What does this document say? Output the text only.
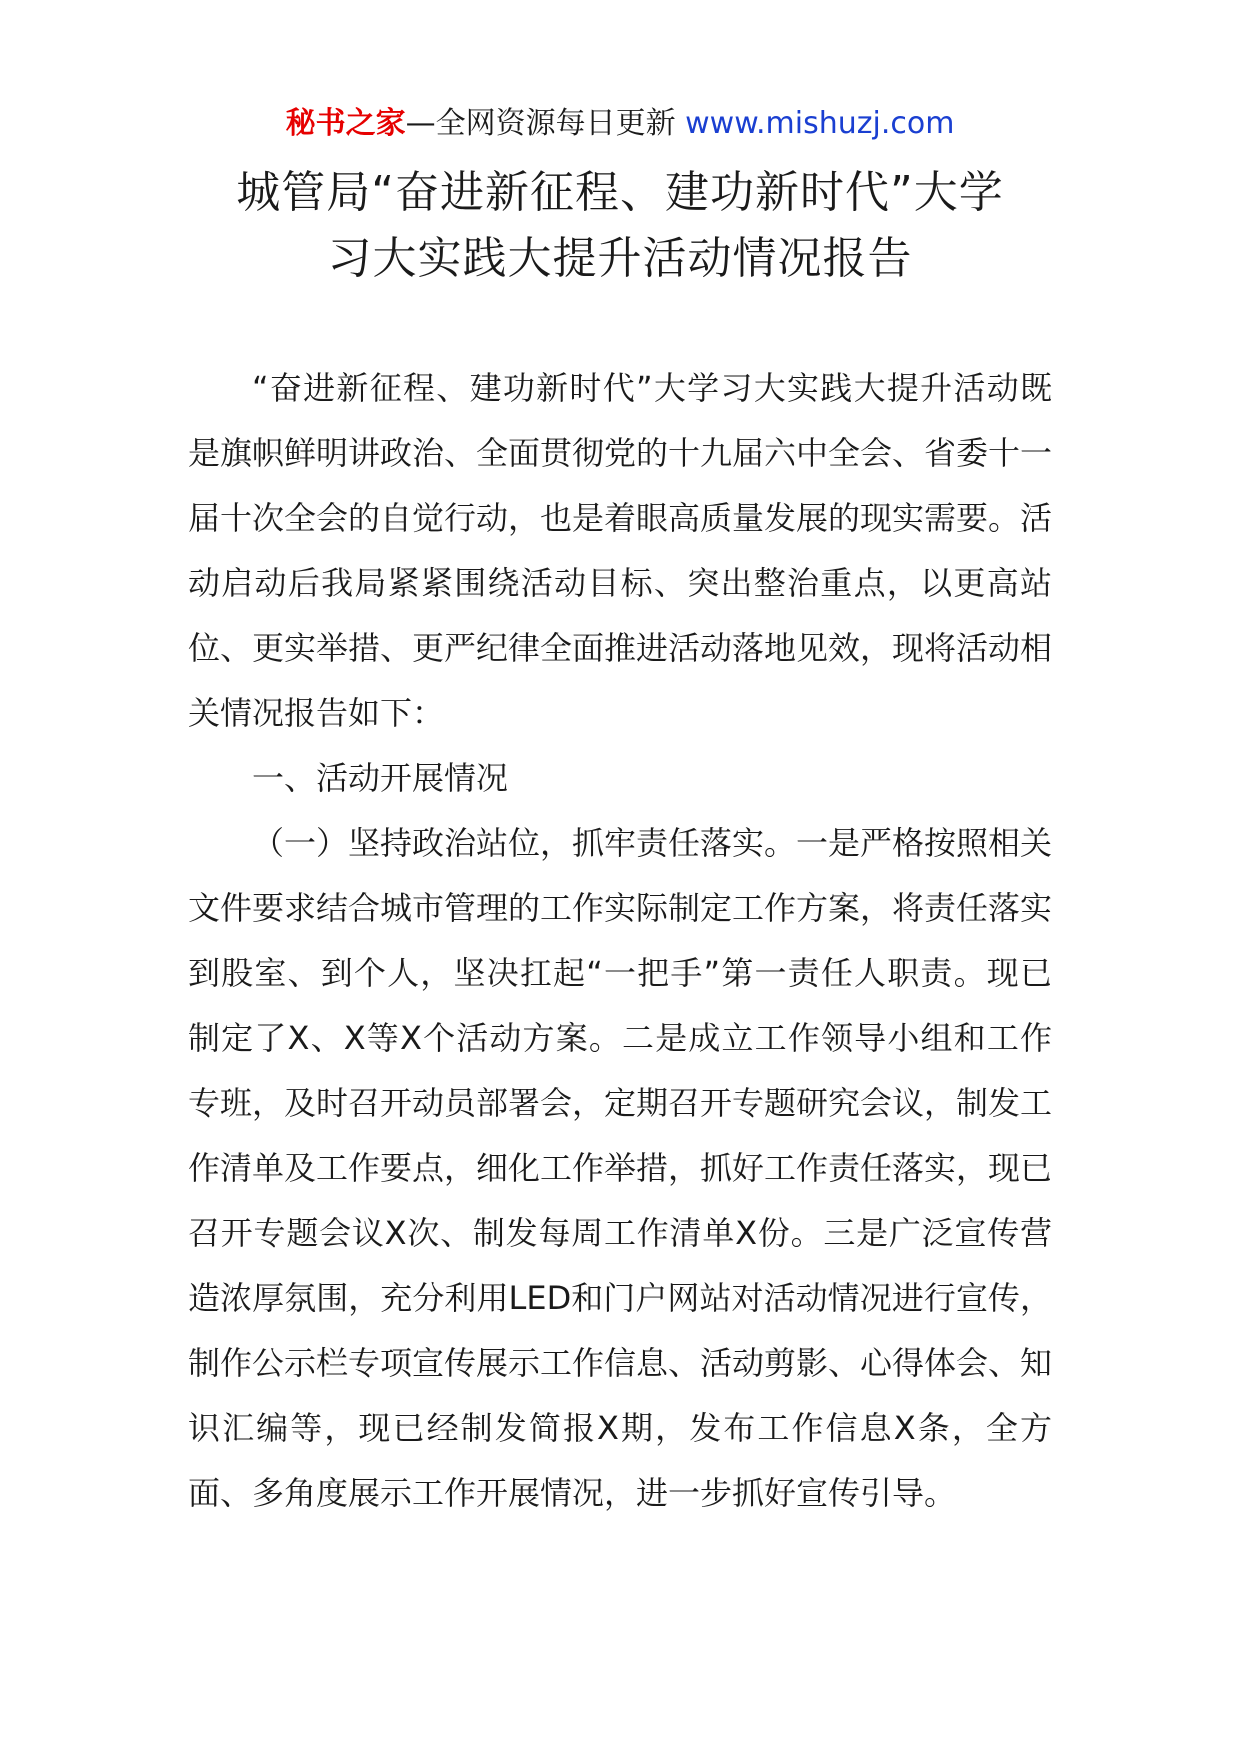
秘书之家—全网资源每日更新 www.mishuzj.com
城管局“奋进新征程、建功新时代”大学
习大实践大提升活动情况报告

“奋进新征程、建功新时代”大学习大实践大提升活动既是旗帜鲜明讲政治、全面贯彻党的十九届六中全会、省委十一届十次全会的自觉行动，也是着眼高质量发展的现实需要。活动启动后我局紧紧围绕活动目标、突出整治重点，以更高站位、更实举措、更严纪律全面推进活动落地见效，现将活动相关情况报告如下：

一、活动开展情况

（一）坚持政治站位，抓牢责任落实。一是严格按照相关文件要求结合城市管理的工作实际制定工作方案，将责任落实到股室、到个人，坚决扛起“一把手”第一责任人职责。现已制定了X、X等X个活动方案。二是成立工作领导小组和工作专班，及时召开动员部署会，定期召开专题研究会议，制发工作清单及工作要点，细化工作举措，抓好工作责任落实，现已召开专题会议X次、制发每周工作清单X份。三是广泛宣传营造浓厚氛围，充分利用LED和门户网站对活动情况进行宣传，制作公示栏专项宣传展示工作信息、活动剪影、心得体会、知识汇编等，现已经制发简报X期，发布工作信息X条，全方面、多角度展示工作开展情况，进一步抓好宣传引导。
